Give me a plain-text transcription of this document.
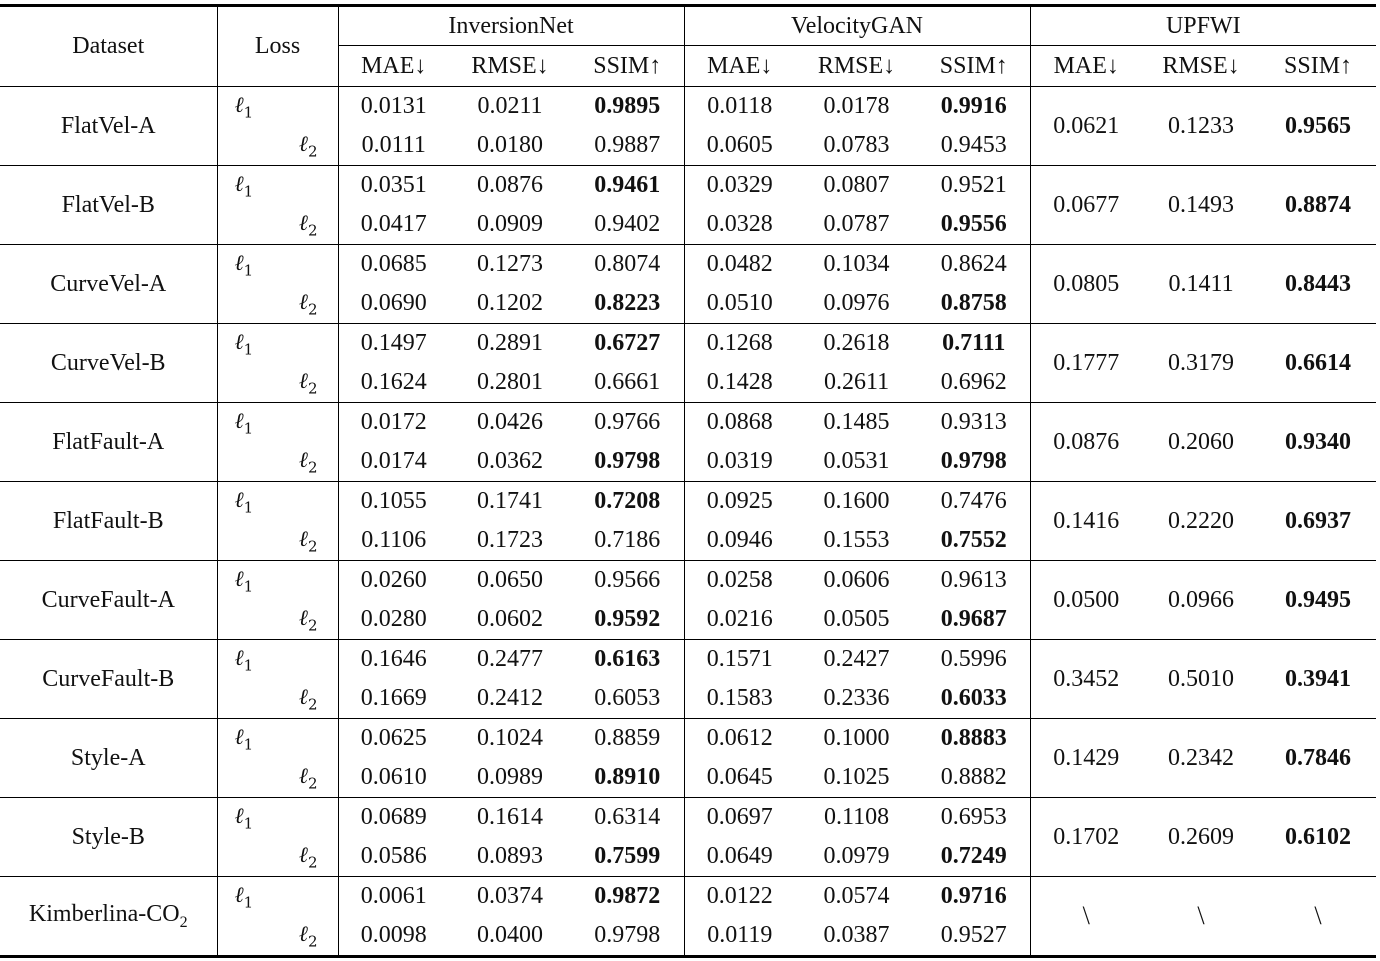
Dataset	Loss	InversionNet			VelocityGAN			UPFWI		
		MAE↓	RMSE↓	SSIM↑	MAE↓	RMSE↓	SSIM↑	MAE↓	RMSE↓	SSIM↑
FlatVel-A	ℓ$_1$	0.0131	0.0211	0.9895	0.0118	0.0178	0.9916	0.0621	0.1233	0.9565
	ℓ$_2$	0.0111	0.0180	0.9887	0.0605	0.0783	0.9453			
FlatVel-B	ℓ$_1$	0.0351	0.0876	0.9461	0.0329	0.0807	0.9521	0.0677	0.1493	0.8874
	ℓ$_2$	0.0417	0.0909	0.9402	0.0328	0.0787	0.9556			
CurveVel-A	ℓ$_1$	0.0685	0.1273	0.8074	0.0482	0.1034	0.8624	0.0805	0.1411	0.8443
	ℓ$_2$	0.0690	0.1202	0.8223	0.0510	0.0976	0.8758			
CurveVel-B	ℓ$_1$	0.1497	0.2891	0.6727	0.1268	0.2618	0.7111	0.1777	0.3179	0.6614
	ℓ$_2$	0.1624	0.2801	0.6661	0.1428	0.2611	0.6962			
FlatFault-A	ℓ$_1$	0.0172	0.0426	0.9766	0.0868	0.1485	0.9313	0.0876	0.2060	0.9340
	ℓ$_2$	0.0174	0.0362	0.9798	0.0319	0.0531	0.9798			
FlatFault-B	ℓ$_1$	0.1055	0.1741	0.7208	0.0925	0.1600	0.7476	0.1416	0.2220	0.6937
	ℓ$_2$	0.1106	0.1723	0.7186	0.0946	0.1553	0.7552			
CurveFault-A	ℓ$_1$	0.0260	0.0650	0.9566	0.0258	0.0606	0.9613	0.0500	0.0966	0.9495
	ℓ$_2$	0.0280	0.0602	0.9592	0.0216	0.0505	0.9687			
CurveFault-B	ℓ$_1$	0.1646	0.2477	0.6163	0.1571	0.2427	0.5996	0.3452	0.5010	0.3941
	ℓ$_2$	0.1669	0.2412	0.6053	0.1583	0.2336	0.6033			
Style-A	ℓ$_1$	0.0625	0.1024	0.8859	0.0612	0.1000	0.8883	0.1429	0.2342	0.7846
	ℓ$_2$	0.0610	0.0989	0.8910	0.0645	0.1025	0.8882			
Style-B	ℓ$_1$	0.0689	0.1614	0.6314	0.0697	0.1108	0.6953	0.1702	0.2609	0.6102
	ℓ$_2$	0.0586	0.0893	0.7599	0.0649	0.0979	0.7249			
Kimberlina-$CO_2$	ℓ$_1$	0.0061	0.0374	0.9872	0.0122	0.0574	0.9716	\	\	\
	ℓ$_2$	0.0098	0.0400	0.9798	0.0119	0.0387	0.9527			
